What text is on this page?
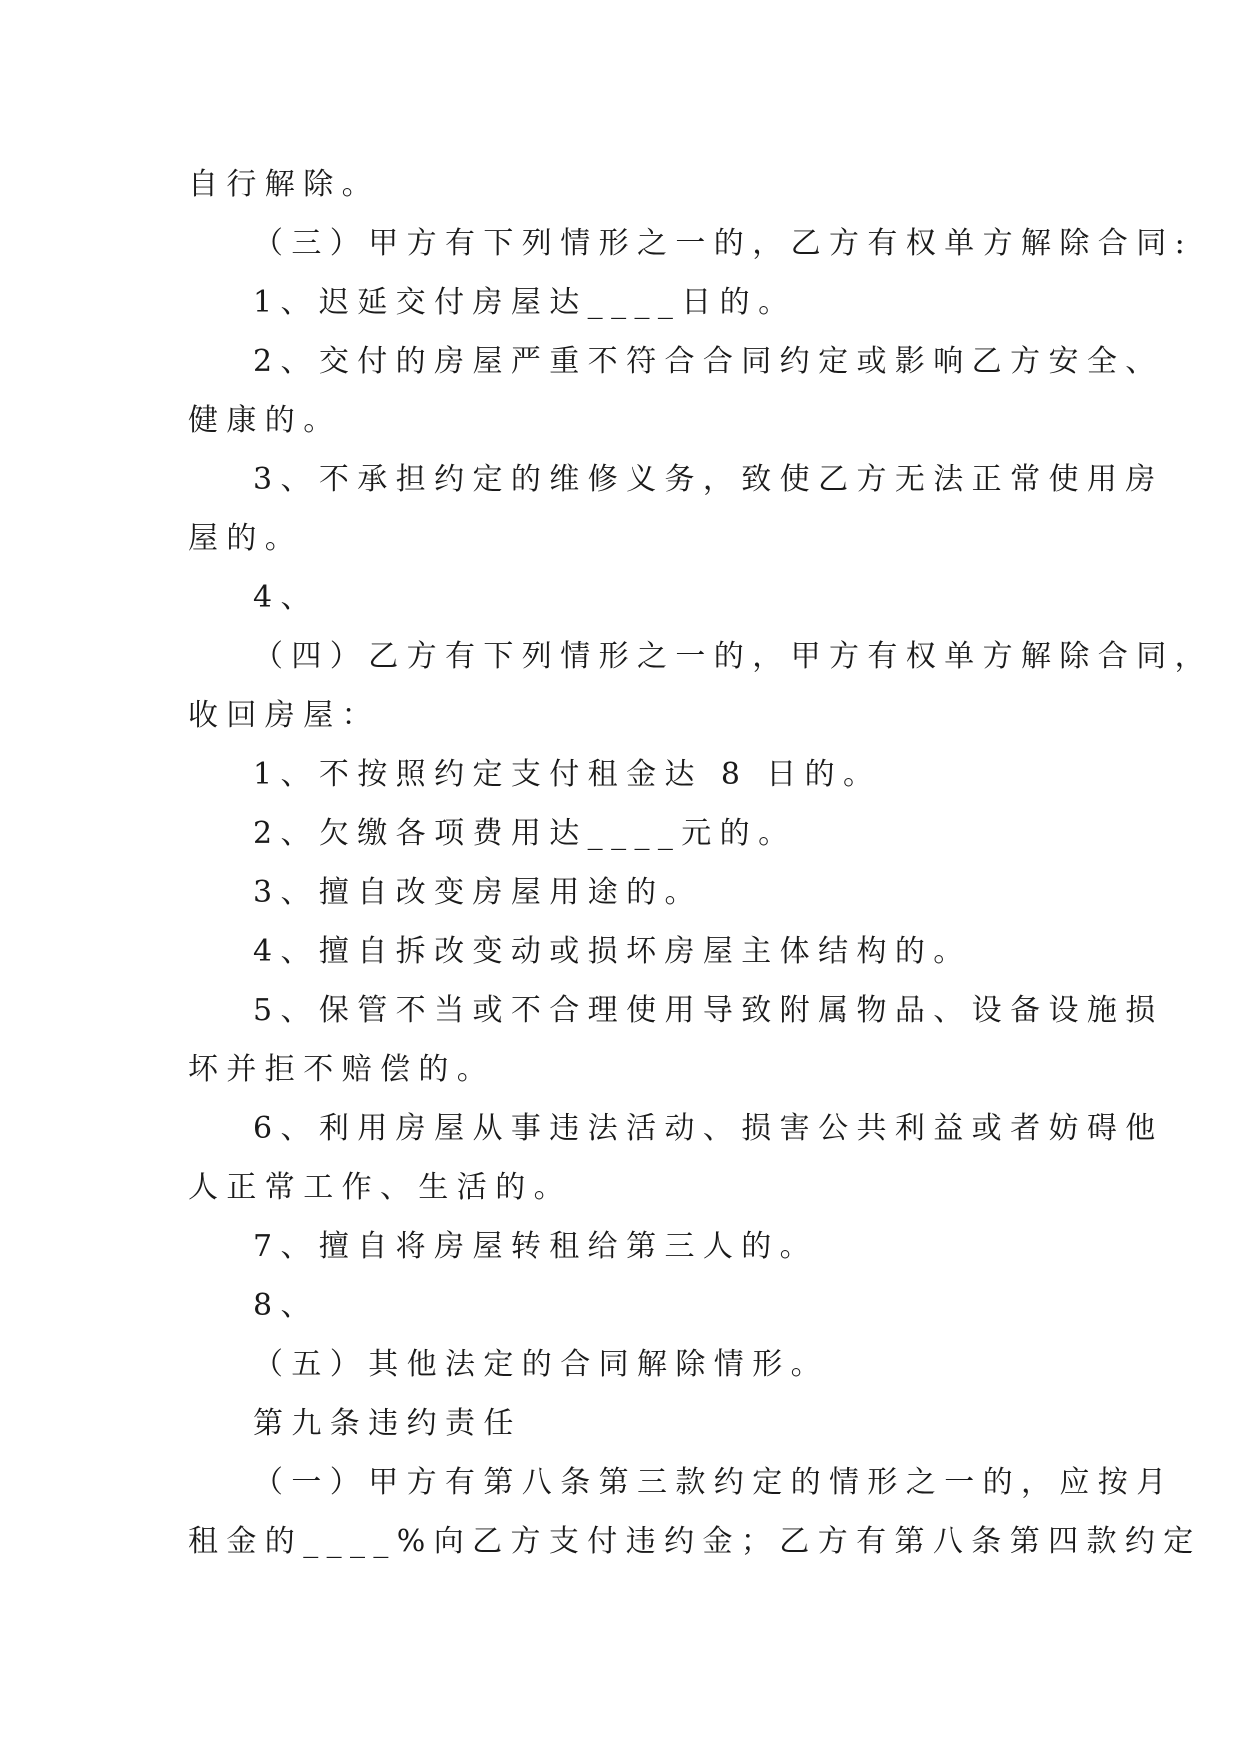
自行解除。
（三）甲方有下列情形之一的，乙方有权单方解除合同:
1、迟延交付房屋达____日的。
2、交付的房屋严重不符合合同约定或影响乙方安全、
健康的。
3、不承担约定的维修义务，致使乙方无法正常使用房
屋的。
4、
（四）乙方有下列情形之一的，甲方有权单方解除合同，
收回房屋：
1、不按照约定支付租金达 8 日的。
2、欠缴各项费用达____元的。
3、擅自改变房屋用途的。
4、擅自拆改变动或损坏房屋主体结构的。
5、保管不当或不合理使用导致附属物品、设备设施损
坏并拒不赔偿的。
6、利用房屋从事违法活动、损害公共利益或者妨碍他
人正常工作、生活的。
7、擅自将房屋转租给第三人的。
8、
（五）其他法定的合同解除情形。
第九条违约责任
（一）甲方有第八条第三款约定的情形之一的，应按月
租金的____%向乙方支付违约金；乙方有第八条第四款约定
